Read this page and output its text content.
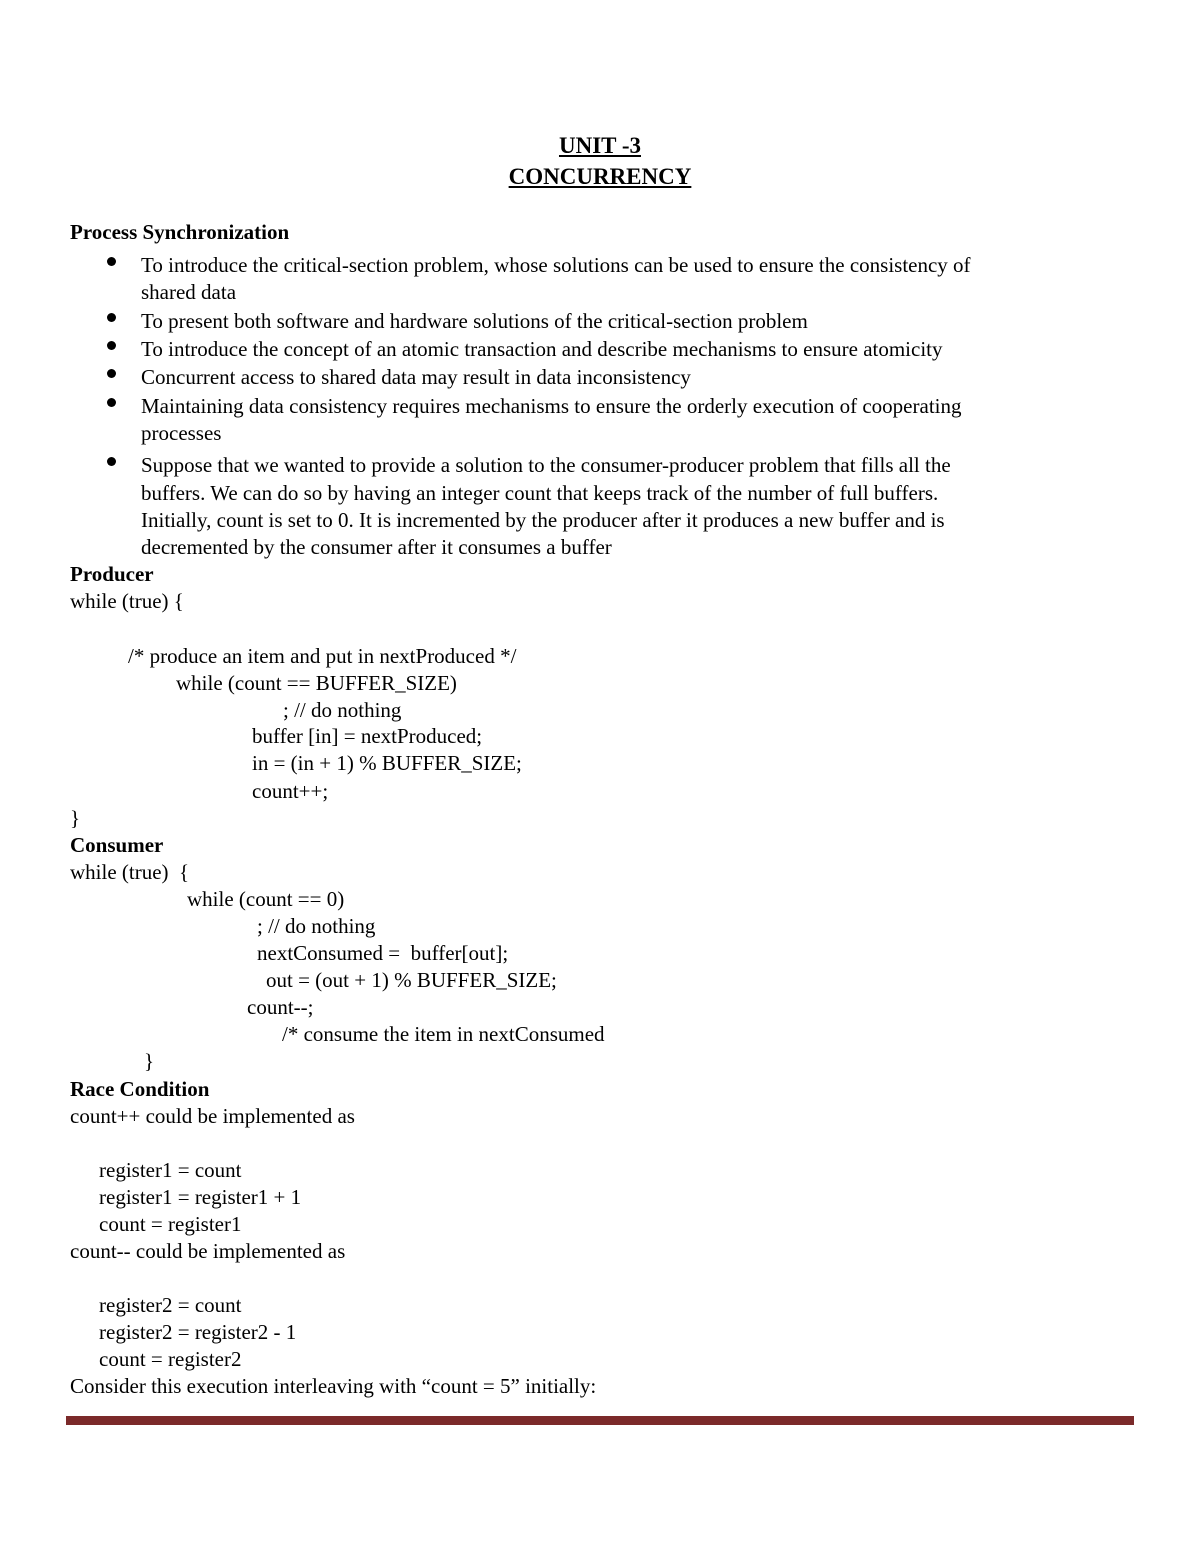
UNIT -3
CONCURRENCY
Process Synchronization
To introduce the critical-section problem, whose solutions can be used to ensure the consistency of
shared data
To present both software and hardware solutions of the critical-section problem
To introduce the concept of an atomic transaction and describe mechanisms to ensure atomicity
Concurrent access to shared data may result in data inconsistency
Maintaining data consistency requires mechanisms to ensure the orderly execution of cooperating
processes
Suppose that we wanted to provide a solution to the consumer-producer problem that fills all the
buffers. We can do so by having an integer count that keeps track of the number of full buffers.
Initially, count is set to 0. It is incremented by the producer after it produces a new buffer and is
decremented by the consumer after it consumes a buffer
Producer
while (true) {
/* produce an item and put in nextProduced */
while (count == BUFFER_SIZE)
; // do nothing
buffer [in] = nextProduced;
in = (in + 1) % BUFFER_SIZE;
count++;
}
Consumer
while (true)  {
while (count == 0)
; // do nothing
nextConsumed =  buffer[out];
out = (out + 1) % BUFFER_SIZE;
count--;
/* consume the item in nextConsumed
}
Race Condition
count++ could be implemented as
register1 = count
register1 = register1 + 1
count = register1
count-- could be implemented as
register2 = count
register2 = register2 - 1
count = register2
Consider this execution interleaving with “count = 5” initially:
